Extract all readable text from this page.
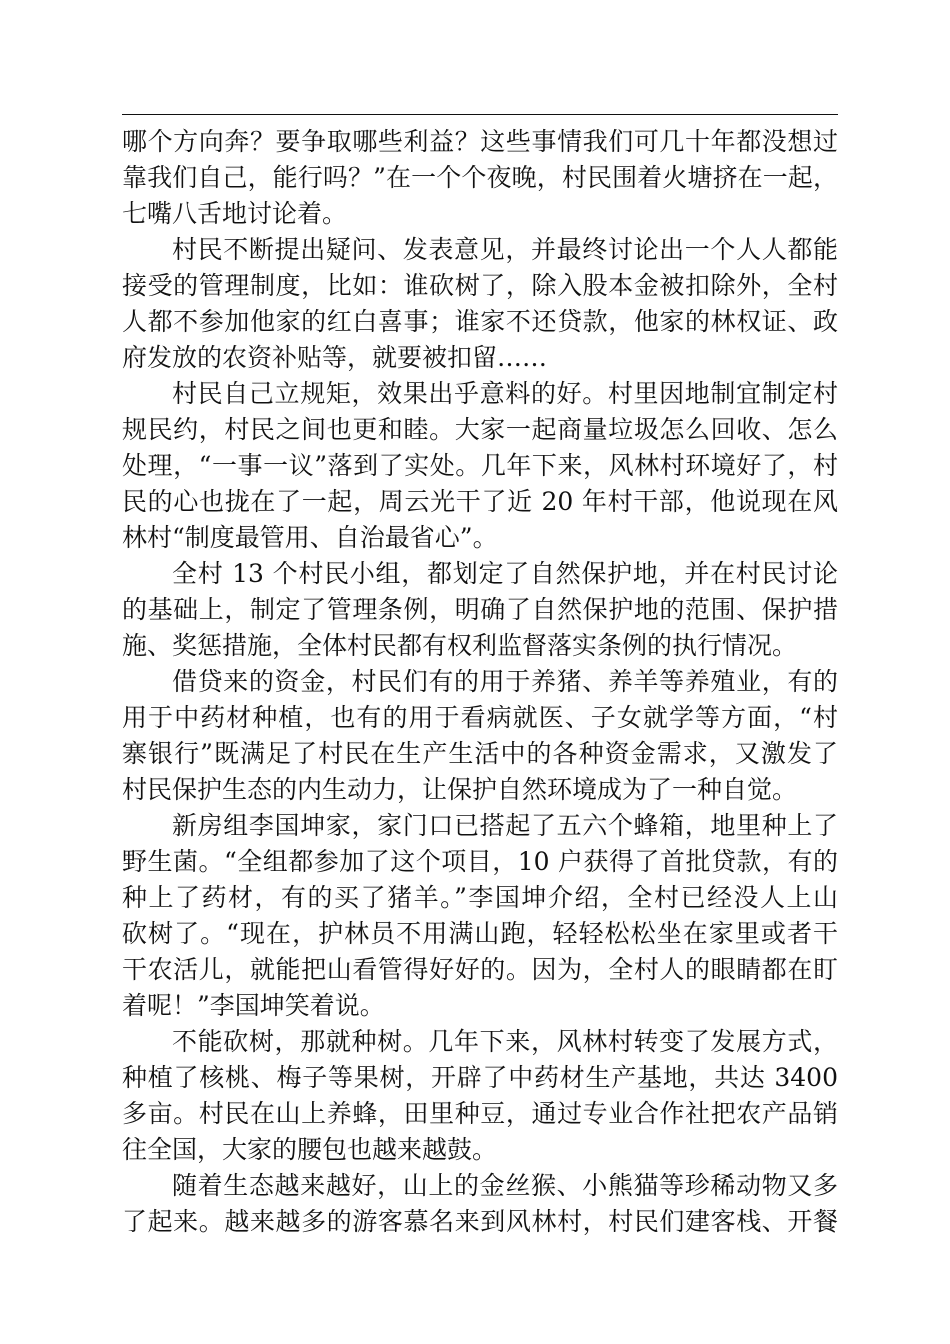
哪个方向奔？要争取哪些利益？这些事情我们可几十年都没想过
靠我们自己，能行吗？”在一个个夜晚，村民围着火塘挤在一起，
七嘴八舌地讨论着。
村民不断提出疑问、发表意见，并最终讨论出一个人人都能
接受的管理制度，比如：谁砍树了，除入股本金被扣除外，全村
人都不参加他家的红白喜事；谁家不还贷款，他家的林权证、政
府发放的农资补贴等，就要被扣留……
村民自己立规矩，效果出乎意料的好。村里因地制宜制定村
规民约，村民之间也更和睦。大家一起商量垃圾怎么回收、怎么
处理，“一事一议”落到了实处。几年下来，风林村环境好了，村
民的心也拢在了一起，周云光干了近 20 年村干部，他说现在风
林村“制度最管用、自治最省心”。
全村 13 个村民小组，都划定了自然保护地，并在村民讨论
的基础上，制定了管理条例，明确了自然保护地的范围、保护措
施、奖惩措施，全体村民都有权利监督落实条例的执行情况。
借贷来的资金，村民们有的用于养猪、养羊等养殖业，有的
用于中药材种植，也有的用于看病就医、子女就学等方面，“村
寨银行”既满足了村民在生产生活中的各种资金需求，又激发了
村民保护生态的内生动力，让保护自然环境成为了一种自觉。
新房组李国坤家，家门口已搭起了五六个蜂箱，地里种上了
野生菌。“全组都参加了这个项目，10 户获得了首批贷款，有的
种上了药材，有的买了猪羊。”李国坤介绍，全村已经没人上山
砍树了。“现在，护林员不用满山跑，轻轻松松坐在家里或者干
干农活儿，就能把山看管得好好的。因为，全村人的眼睛都在盯
着呢！”李国坤笑着说。
不能砍树，那就种树。几年下来，风林村转变了发展方式，
种植了核桃、梅子等果树，开辟了中药材生产基地，共达 3400
多亩。村民在山上养蜂，田里种豆，通过专业合作社把农产品销
往全国，大家的腰包也越来越鼓。
随着生态越来越好，山上的金丝猴、小熊猫等珍稀动物又多
了起来。越来越多的游客慕名来到风林村，村民们建客栈、开餐
